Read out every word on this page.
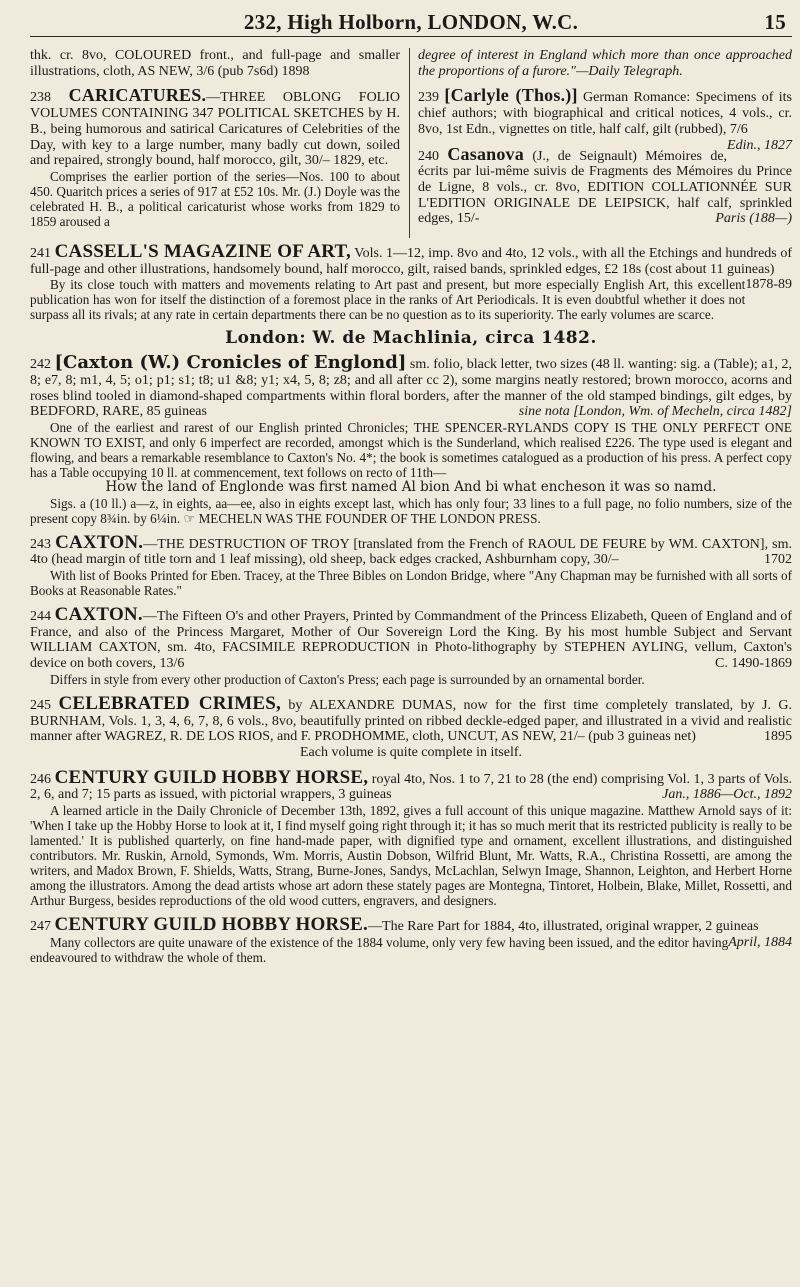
232, High Holborn, LONDON, W.C.	15

thk. cr. 8vo, COLOURED front., and full-page and smaller illustrations, cloth, AS NEW, 3/6 (pub 7s6d) 1898

238 CARICATURES.—THREE OBLONG FOLIO VOLUMES CONTAINING 347 POLITICAL SKETCHES by H. B., being humorous and satirical Caricatures of Celebrities of the Day, with key to a large number, many badly cut down, soiled and repaired, strongly bound, half morocco, gilt, 30/– 1829, etc.

Comprises the earlier portion of the series—Nos. 100 to about 450. Quaritch prices a series of 917 at £52 10s. Mr. (J.) Doyle was the celebrated H. B., a political caricaturist whose works from 1829 to 1859 aroused a

degree of interest in England which more than once approached the proportions of a furore."—Daily Telegraph.

239 [Carlyle (Thos.)] German Romance: Specimens of its chief authors; with biographical and critical notices, 4 vols., cr. 8vo, 1st Edn., vignettes on title, half calf, gilt (rubbed), 7/6
Edin., 1827

240 Casanova (J., de Seignault) Mémoires de, écrits par lui-même suivis de Fragments des Mémoires du Prince de Ligne, 8 vols., cr. 8vo, EDITION COLLATIONNÉE SUR L'EDITION ORIGINALE DE LEIPSICK, half calf, sprinkled edges, 15/-	Paris (188—)

241 CASSELL'S MAGAZINE OF ART, Vols. 1—12, imp. 8vo and 4to, 12 vols., with all the Etchings and hundreds of full-page and other illustrations, handsomely bound, half morocco, gilt, raised bands, sprinkled edges, £2 18s (cost about 11 guineas)
1878-89

By its close touch with matters and movements relating to Art past and present, but more especially English Art, this excellent publication has won for itself the distinction of a foremost place in the ranks of Art Periodicals. It is even doubtful whether it does not surpass all its rivals; at any rate in certain departments there can be no question as to its superiority. The early volumes are scarce.

London: W. de Machlinia, circa 1482.

242 [Caxton (W.) Cronicles of Englond] sm. folio, black letter, two sizes (48 ll. wanting: sig. a (Table); a1, 2, 8; e7, 8; m1, 4, 5; o1; p1; s1; t8; u1 &8; y1; x4, 5, 8; z8; and all after cc 2), some margins neatly restored; brown morocco, acorns and roses blind tooled in diamond-shaped compartments within floral borders, after the manner of the old stamped bindings, gilt edges, by BEDFORD, RARE, 85 guineas	sine nota [London, Wm. of Mecheln, circa 1482]

One of the earliest and rarest of our English printed Chronicles; THE SPENCER-RYLANDS COPY IS THE ONLY PERFECT ONE KNOWN TO EXIST, and only 6 imperfect are recorded, amongst which is the Sunderland, which realised £226. The type used is elegant and flowing, and bears a remarkable resemblance to Caxton's No. 4*; the book is sometimes catalogued as a production of his press. A perfect copy has a Table occupying 10 ll. at commencement, text follows on recto of 11th—

How the land of Englonde was first named Al bion And bi what encheson it was so namd.

Sigs. a (10 ll.) a—z, in eights, aa—ee, also in eights except last, which has only four; 33 lines to a full page, no folio numbers, size of the present copy 8¾in. by 6¼in. ☞ MECHELN WAS THE FOUNDER OF THE LONDON PRESS.

243 CAXTON.—THE DESTRUCTION OF TROY [translated from the French of RAOUL DE FEURE by WM. CAXTON], sm. 4to (head margin of title torn and 1 leaf missing), old sheep, back edges cracked, Ashburnham copy, 30/–	1702

With list of Books Printed for Eben. Tracey, at the Three Bibles on London Bridge, where "Any Chapman may be furnished with all sorts of Books at Reasonable Rates."

244 CAXTON.—The Fifteen O's and other Prayers, Printed by Commandment of the Princess Elizabeth, Queen of England and of France, and also of the Princess Margaret, Mother of Our Sovereign Lord the King. By his most humble Subject and Servant WILLIAM CAXTON, sm. 4to, FACSIMILE REPRODUCTION in Photo-lithography by STEPHEN AYLING, vellum, Caxton's device on both covers, 13/6	C. 1490-1869

Differs in style from every other production of Caxton's Press; each page is surrounded by an ornamental border.

245 CELEBRATED CRIMES, by ALEXANDRE DUMAS, now for the first time completely translated, by J. G. BURNHAM, Vols. 1, 3, 4, 6, 7, 8, 6 vols., 8vo, beautifully printed on ribbed deckle-edged paper, and illustrated in a vivid and realistic manner after WAGREZ, R. DE LOS RIOS, and F. PRODHOMME, cloth, UNCUT, AS NEW, 21/– (pub 3 guineas net)	1895

Each volume is quite complete in itself.

246 CENTURY GUILD HOBBY HORSE, royal 4to, Nos. 1 to 7, 21 to 28 (the end) comprising Vol. 1, 3 parts of Vols. 2, 6, and 7; 15 parts as issued, with pictorial wrappers, 3 guineas	Jan., 1886—Oct., 1892

A learned article in the Daily Chronicle of December 13th, 1892, gives a full account of this unique magazine. Matthew Arnold says of it: 'When I take up the Hobby Horse to look at it, I find myself going right through it; it has so much merit that its restricted publicity is really to be lamented.' It is published quarterly, on fine hand-made paper, with dignified type and ornament, excellent illustrations, and distinguished contributors. Mr. Ruskin, Arnold, Symonds, Wm. Morris, Austin Dobson, Wilfrid Blunt, Mr. Watts, R.A., Christina Rossetti, are among the writers, and Madox Brown, F. Shields, Watts, Strang, Burne-Jones, Sandys, McLachlan, Selwyn Image, Shannon, Leighton, and Herbert Horne among the illustrators. Among the dead artists whose art adorn these stately pages are Montegna, Tintoret, Holbein, Blake, Millet, Rossetti, and Arthur Burgess, besides reproductions of the old wood cutters, engravers, and designers.

247 CENTURY GUILD HOBBY HORSE.—The Rare Part for 1884, 4to, illustrated, original wrapper, 2 guineas
April, 1884

Many collectors are quite unaware of the existence of the 1884 volume, only very few having been issued, and the editor having endeavoured to withdraw the whole of them.
